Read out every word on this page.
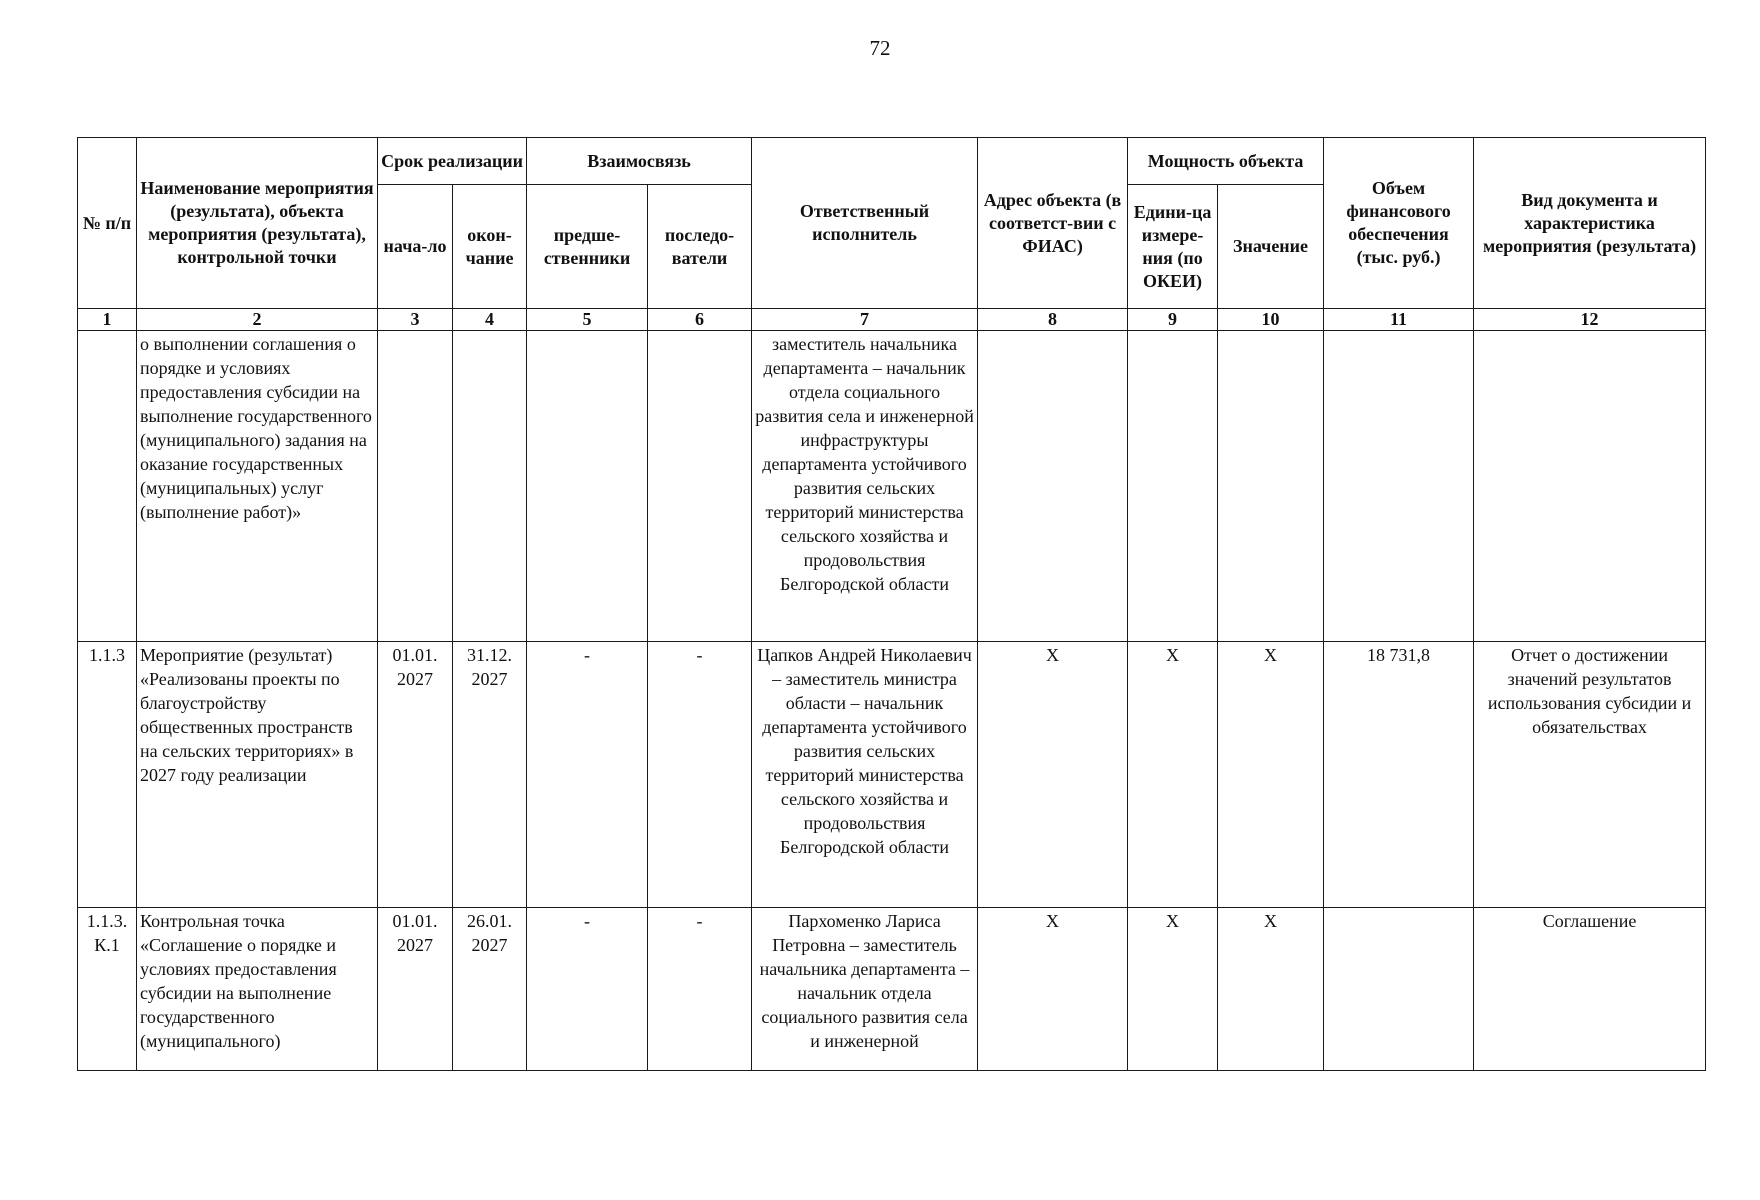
72
№ п/п	Наименование мероприятия (результата), объекта мероприятия (результата), контрольной точки	Срок реализации		Взаимосвязь		Ответственный исполнитель	Адрес объекта (в соответст-вии с ФИАС)	Мощность объекта		Объем финансового обеспечения (тыс. руб.)	Вид документа и характеристика мероприятия (результата)
		нача-ло	окон-чание	предше-ственники	последо-ватели			Едини-ца измере-ния (по ОКЕИ)	Значение		
1	2	3	4	5	6	7	8	9	10	11	12
	о выполнении соглашения о порядке и условиях предоставления субсидии на выполнение государственного (муниципального) задания на оказание государственных (муниципальных) услуг (выполнение работ)»					заместитель начальника департамента – начальник отдела социального развития села и инженерной инфраструктуры департамента устойчивого развития сельских территорий министерства сельского хозяйства и продовольствия Белгородской области					
1.1.3	Мероприятие (результат) «Реализованы проекты по благоустройству общественных пространств на сельских территориях» в 2027 году реализации	01.01. 2027	31.12. 2027	-	-	Цапков Андрей Николаевич – заместитель министра области – начальник департамента устойчивого развития сельских территорий министерства сельского хозяйства и продовольствия Белгородской области	X	X	X	18 731,8	Отчет о достижении значений результатов использования субсидии и обязательствах
1.1.3. К.1	Контрольная точка «Соглашение о порядке и условиях предоставления субсидии на выполнение государственного (муниципального)	01.01. 2027	26.01. 2027	-	-	Пархоменко Лариса Петровна – заместитель начальника департамента – начальник отдела социального развития села и инженерной	X	X	X		Соглашение
